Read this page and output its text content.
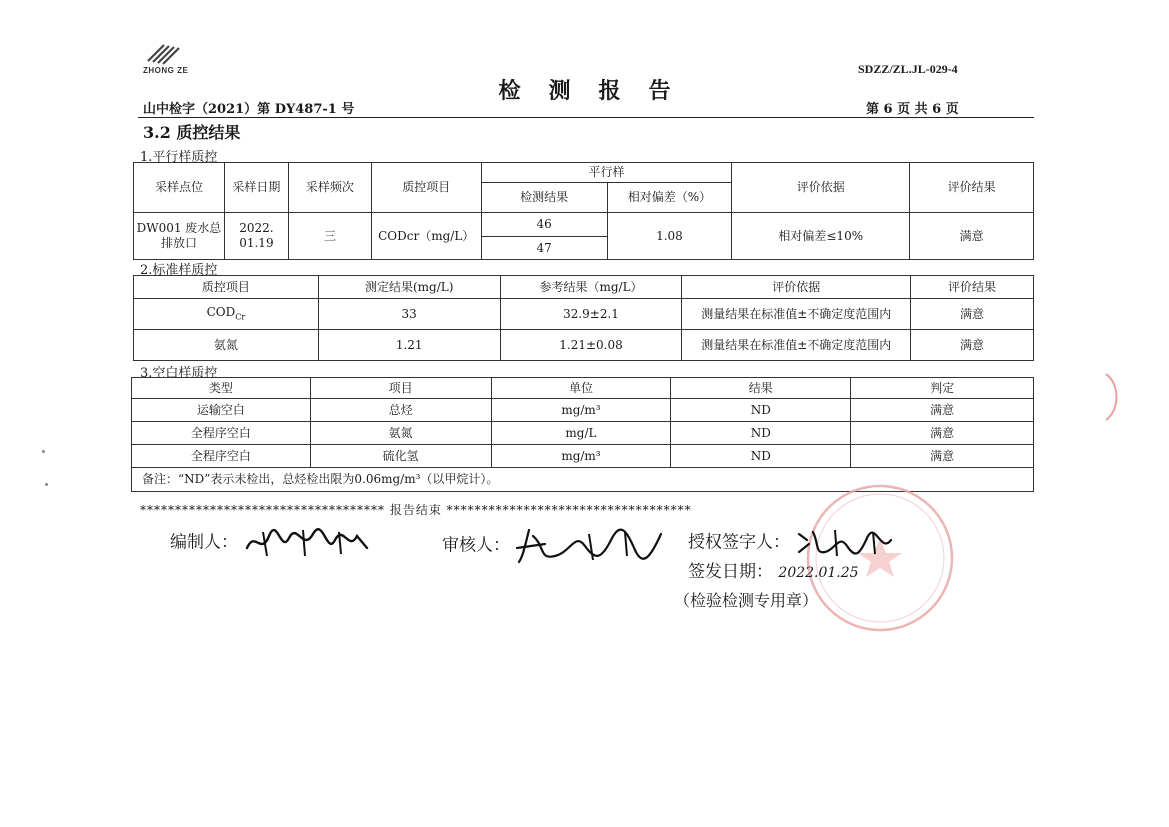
ZHONG ZE	SDZZ/ZL.JL-029-4
检测报告
山中检字（2021）第 DY487-1 号	第 6 页 共 6 页
3.2 质控结果
1.平行样质控
采样点位	采样日期	采样频次	质控项目	平行样		评价依据	评价结果
				检测结果	相对偏差（%）		
DW001 废水总排放口	2022. 01.19	三	CODcr（mg/L）	46	1.08	相对偏差≤10%	满意
				47			
2.标准样质控
质控项目	测定结果(mg/L)	参考结果（mg/L）	评价依据	评价结果
$COD_{Cr}$	33	32.9±2.1	测量结果在标准值±不确定度范围内	满意
氨氮	1.21	1.21±0.08	测量结果在标准值±不确定度范围内	满意
3.空白样质控
类型	项目	单位	结果	判定
运输空白	总烃	mg/m³	ND	满意
全程序空白	氨氮	mg/L	ND	满意
全程序空白	硫化氢	mg/m³	ND	满意
备注：“ND”表示未检出，总烃检出限为0.06mg/m³（以甲烷计）。				
*********************************** 报告结束 ***********************************
编制人：	审核人：	授权签字人：
签发日期： 2022.01.25
（检验检测专用章）
